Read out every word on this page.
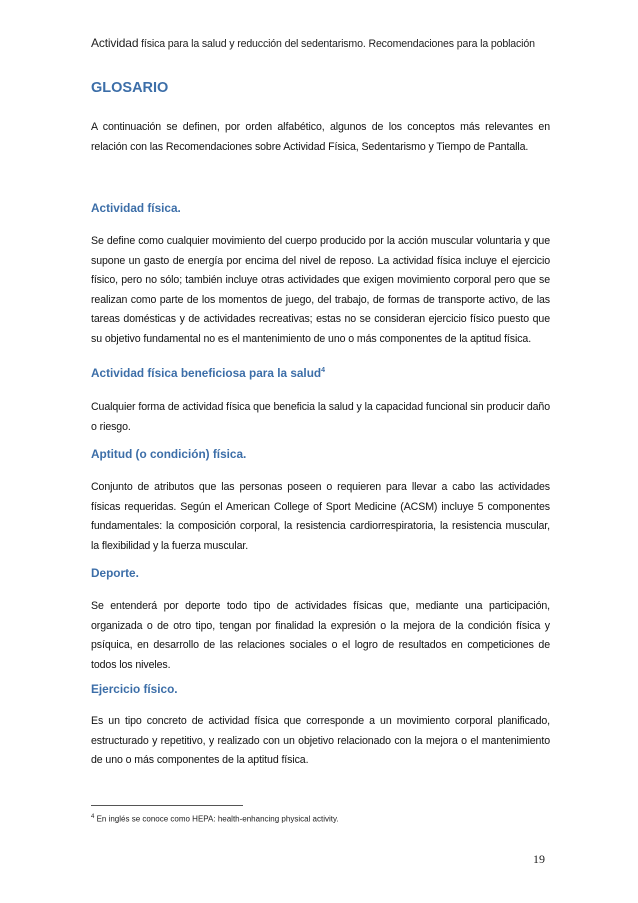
Actividad física para la salud y reducción del sedentarismo. Recomendaciones para la población
GLOSARIO

A continuación se definen, por orden alfabético, algunos de los conceptos más relevantes en relación con las Recomendaciones sobre Actividad Física, Sedentarismo y Tiempo de Pantalla.

Actividad física.

Se define como cualquier movimiento del cuerpo producido por la acción muscular voluntaria y que supone un gasto de energía por encima del nivel de reposo. La actividad física incluye el ejercicio físico, pero no sólo; también incluye otras actividades que exigen movimiento corporal pero que se realizan como parte de los momentos de juego, del trabajo, de formas de transporte activo, de las tareas domésticas y de actividades recreativas; estas no se consideran ejercicio físico puesto que su objetivo fundamental no es el mantenimiento de uno o más componentes de la aptitud física.

Actividad física beneficiosa para la salud$^4$

Cualquier forma de actividad física que beneficia la salud y la capacidad funcional sin producir daño o riesgo.

Aptitud (o condición) física.

Conjunto de atributos que las personas poseen o requieren para llevar a cabo las actividades físicas requeridas. Según el American College of Sport Medicine (ACSM) incluye 5 componentes fundamentales: la composición corporal, la resistencia cardiorrespiratoria, la resistencia muscular, la flexibilidad y la fuerza muscular.

Deporte.

Se entenderá por deporte todo tipo de actividades físicas que, mediante una participación, organizada o de otro tipo, tengan por finalidad la expresión o la mejora de la condición física y psíquica, en desarrollo de las relaciones sociales o el logro de resultados en competiciones de todos los niveles.

Ejercicio físico.

Es un tipo concreto de actividad física que corresponde a un movimiento corporal planificado, estructurado y repetitivo, y realizado con un objetivo relacionado con la mejora o el mantenimiento de uno o más componentes de la aptitud física.

$^4$ En inglés se conoce como HEPA: health-enhancing physical activity.
19
